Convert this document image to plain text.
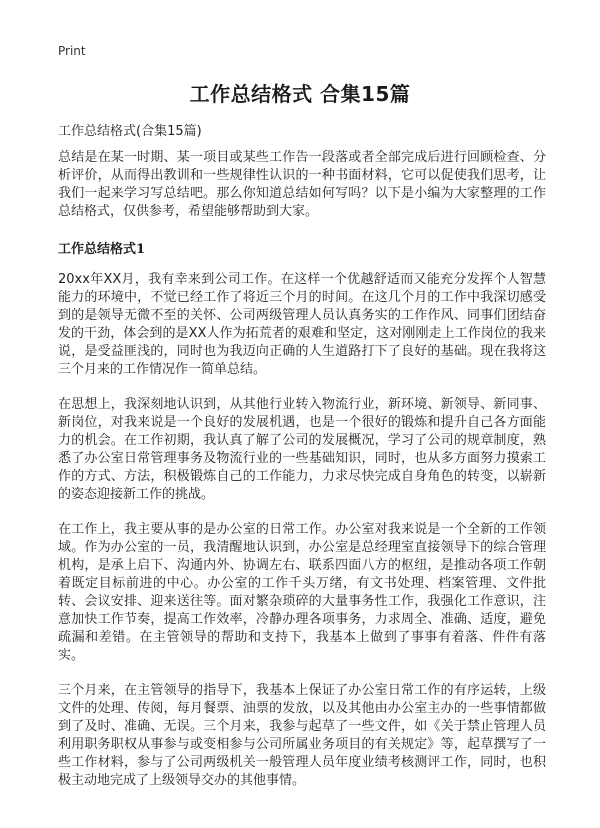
Print
工作总结格式 合集15篇
工作总结格式(合集15篇)

总结是在某一时期、某一项目或某些工作告一段落或者全部完成后进行回顾检查、分析评价，从而得出教训和一些规律性认识的一种书面材料，它可以促使我们思考，让我们一起来学习写总结吧。那么你知道总结如何写吗？以下是小编为大家整理的工作总结格式，仅供参考，希望能够帮助到大家。

工作总结格式1

20xx年XX月，我有幸来到公司工作。在这样一个优越舒适而又能充分发挥个人智慧能力的环境中，不觉已经工作了将近三个月的时间。在这几个月的工作中我深切感受到的是领导无微不至的关怀、公司两级管理人员认真务实的工作作风、同事们团结奋发的干劲，体会到的是XX人作为拓荒者的艰难和坚定，这对刚刚走上工作岗位的我来说，是受益匪浅的，同时也为我迈向正确的人生道路打下了良好的基础。现在我将这三个月来的工作情况作一简单总结。

在思想上，我深刻地认识到，从其他行业转入物流行业，新环境、新领导、新同事、新岗位，对我来说是一个良好的发展机遇，也是一个很好的锻炼和提升自己各方面能力的机会。在工作初期，我认真了解了公司的发展概况，学习了公司的规章制度，熟悉了办公室日常管理事务及物流行业的一些基础知识，同时，也从多方面努力摸索工作的方式、方法，积极锻炼自己的工作能力，力求尽快完成自身角色的转变，以崭新的姿态迎接新工作的挑战。

在工作上，我主要从事的是办公室的日常工作。办公室对我来说是一个全新的工作领域。作为办公室的一员，我清醒地认识到，办公室是总经理室直接领导下的综合管理机构，是承上启下、沟通内外、协调左右、联系四面八方的枢纽，是推动各项工作朝着既定目标前进的中心。办公室的工作千头万绪，有文书处理、档案管理、文件批转、会议安排、迎来送往等。面对繁杂琐碎的大量事务性工作，我强化工作意识，注意加快工作节奏，提高工作效率，冷静办理各项事务，力求周全、准确、适度，避免疏漏和差错。在主管领导的帮助和支持下，我基本上做到了事事有着落、件件有落实。

三个月来，在主管领导的指导下，我基本上保证了办公室日常工作的有序运转，上级文件的处理、传阅，每月餐票、油票的发放，以及其他由办公室主办的一些事情都做到了及时、准确、无误。三个月来，我参与起草了一些文件，如《关于禁止管理人员利用职务职权从事参与或变相参与公司所属业务项目的有关规定》等，起草撰写了一些工作材料，参与了公司两级机关一般管理人员年度业绩考核测评工作，同时，也积极主动地完成了上级领导交办的其他事情。
